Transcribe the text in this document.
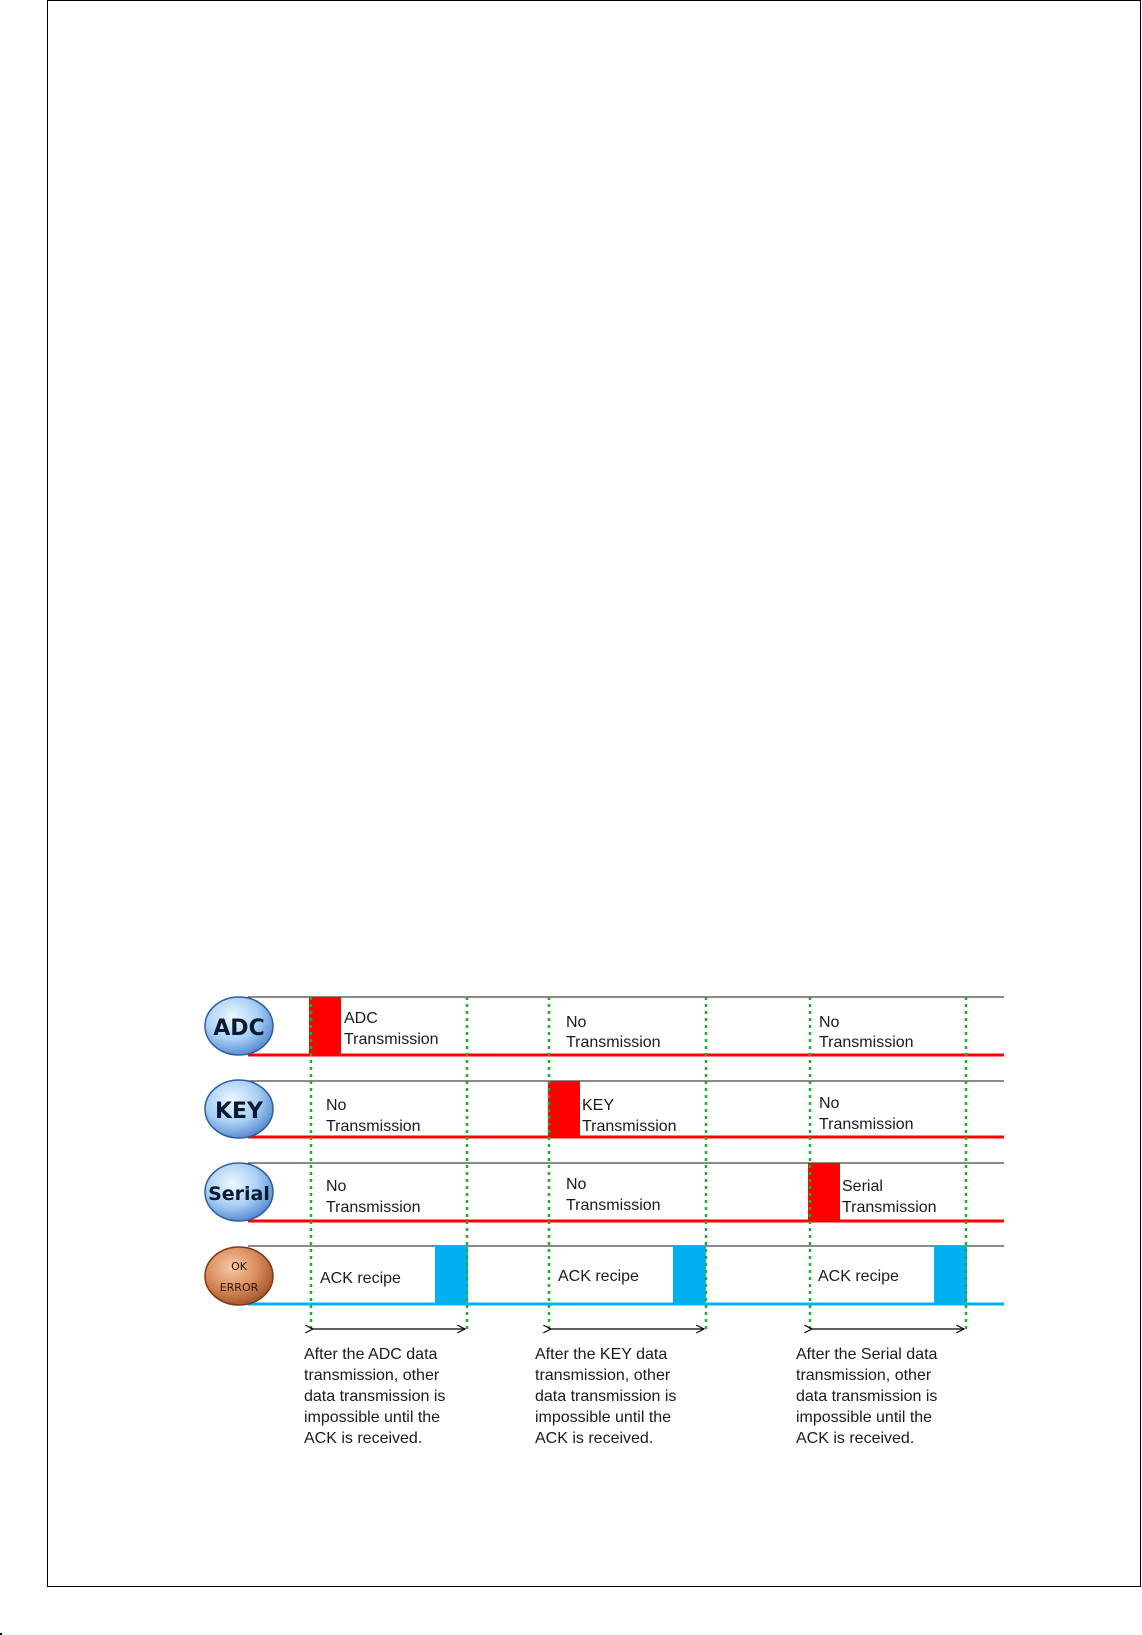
ADC
KEY
Serial
OK
ERROR
ADC
Transmission
No
Transmission
No
Transmission
No
Transmission
KEY
Transmission
No
Transmission
No
Transmission
No
Transmission
Serial
Transmission
ACK recipe	ACK recipe	ACK recipe
After the ADC data
transmission, other
data transmission is
impossible until the
ACK is received.
After the KEY data
transmission, other
data transmission is
impossible until the
ACK is received.
After the Serial data
transmission, other
data transmission is
impossible until the
ACK is received.
